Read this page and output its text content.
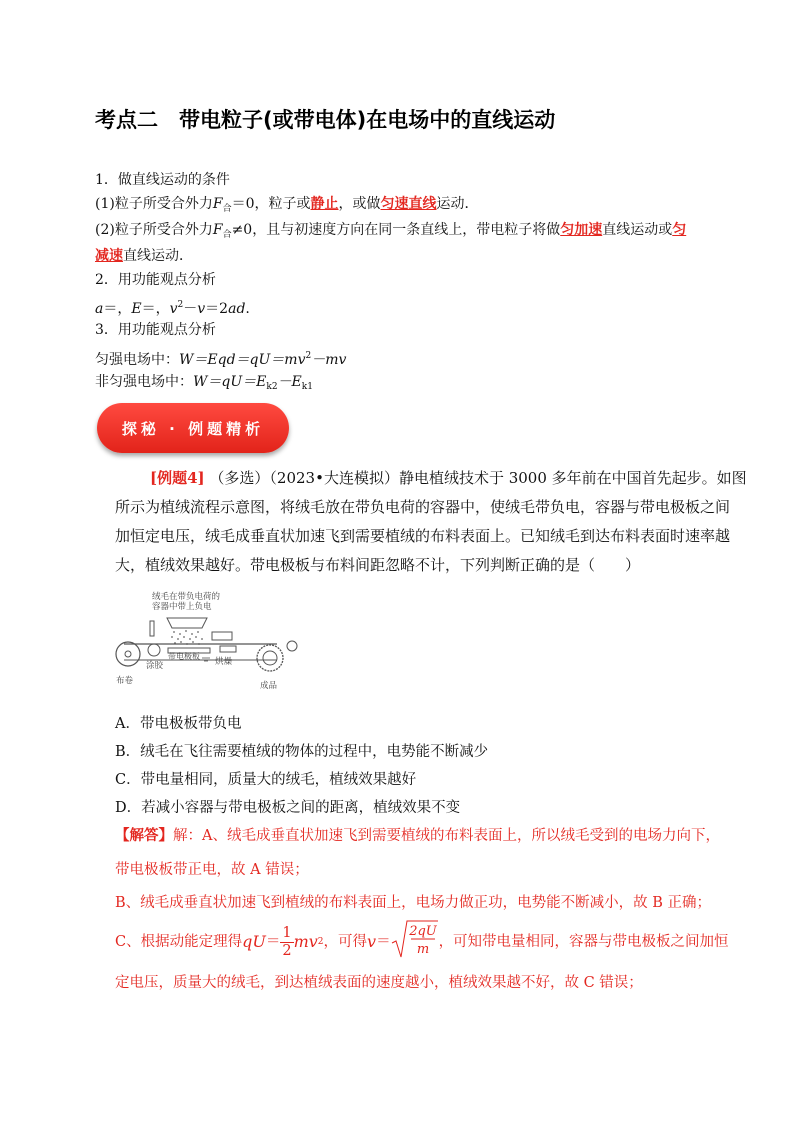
考点二　带电粒子(或带电体)在电场中的直线运动
1．做直线运动的条件
(1)粒子所受合外力$F_合=0$，粒子或静止，或做匀速直线运动．
(2)粒子所受合外力$F_合\ne 0$，且与初速度方向在同一条直线上，带电粒子将做匀加速直线运动或匀
减速直线运动．
2．用功能观点分析
a＝，E＝，$v^2-v=2ad$.
3．用功能观点分析
匀强电场中：$W=Eqd=qU=mv^2-mv$
非匀强电场中：$W=qU=E_{k2}-E_{k1}$
探秘 · 例题精析
[例题4] （多选）（2023•大连模拟）静电植绒技术于 3000 多年前在中国首先起步。如图
所示为植绒流程示意图，将绒毛放在带负电荷的容器中，使绒毛带负电，容器与带电极板之间
加恒定电压，绒毛成垂直状加速飞到需要植绒的布料表面上。已知绒毛到达布料表面时速率越
大，植绒效果越好。带电极板与布料间距忽略不计，下列判断正确的是（　　）
绒毛在带负电荷的
容器中带上负电
布卷
涂胶
带电极板
烘燥
成品
A．带电极板带负电
B．绒毛在飞往需要植绒的物体的过程中，电势能不断减少
C．带电量相同，质量大的绒毛，植绒效果越好
D．若减小容器与带电极板之间的距离，植绒效果不变
【解答】解：A、绒毛成垂直状加速飞到需要植绒的布料表面上，所以绒毛受到的电场力向下，
带电极板带正电，故 A 错误；
B、绒毛成垂直状加速飞到植绒的布料表面上，电场力做正功，电势能不断减小，故 B 正确；
C、根据动能定理得 qU ＝ $\frac{1}{2}$ mv 2 ，可得 v ＝
2qU
m ，可知带电量相同，容器与带电极板之间加恒
定电压，质量大的绒毛，到达植绒表面的速度越小，植绒效果越不好，故 C 错误；
